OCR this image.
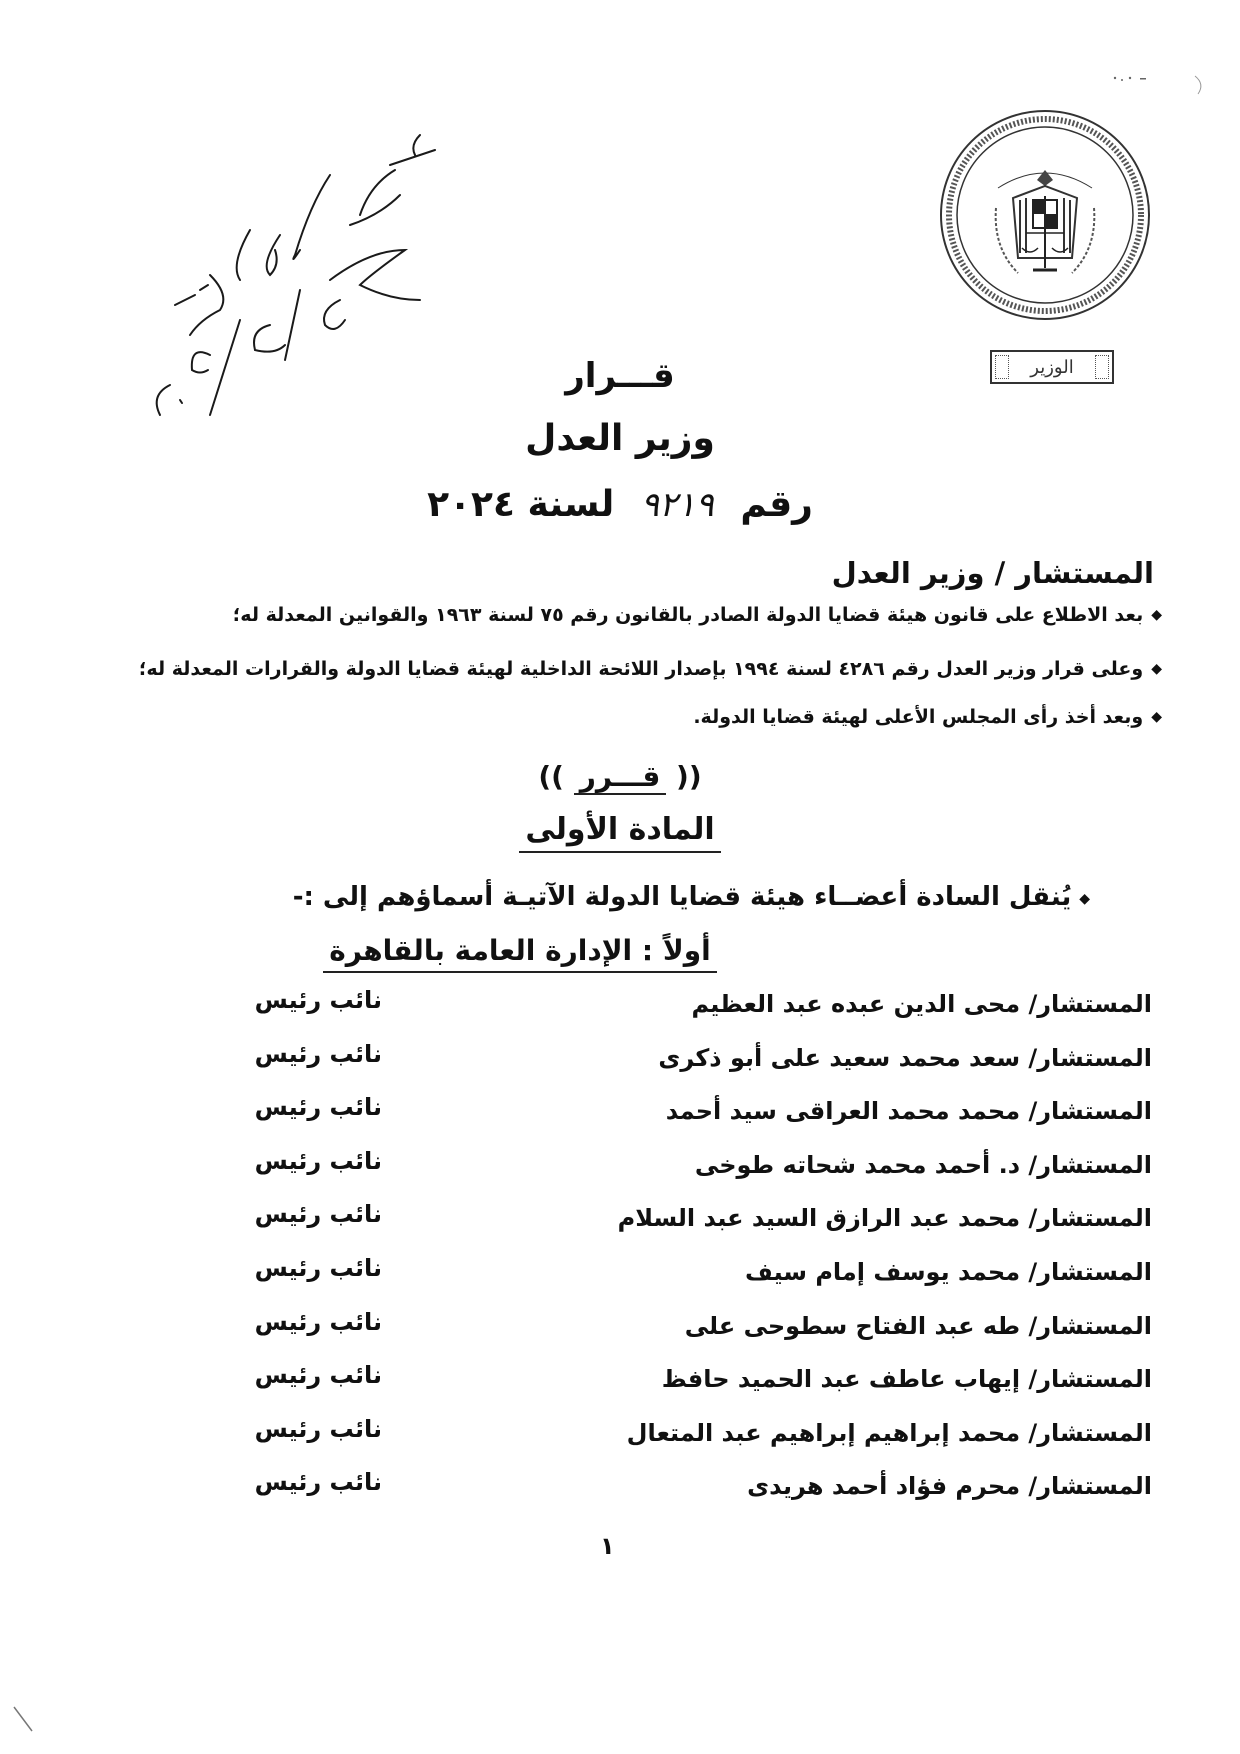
الوزير
قـــرار
وزير العدل
رقم ٩٢١٩ لسنة ٢٠٢٤
المستشار / وزير العدل
◆بعد الاطلاع على قانون هيئة قضايا الدولة الصادر بالقانون رقم ٧٥ لسنة ١٩٦٣ والقوانين المعدلة له؛
◆وعلى قرار وزير العدل رقم ٤٢٨٦ لسنة ١٩٩٤ بإصدار اللائحة الداخلية لهيئة قضايا الدولة والقرارات المعدلة له؛
◆وبعد أخذ رأى المجلس الأعلى لهيئة قضايا الدولة.
(( قـــرر ))
المادة الأولى
◆يُنقل السادة أعضــاء هيئة قضايا الدولة الآتيـة أسماؤهم إلى :-
أولاً : الإدارة العامة بالقاهرة
المستشار/ محى الدين عبده عبد العظيم
نائب رئيس
المستشار/ سعد محمد سعيد على أبو ذكرى
نائب رئيس
المستشار/ محمد محمد العراقى سيد أحمد
نائب رئيس
المستشار/ د. أحمد محمد شحاته طوخى
نائب رئيس
المستشار/ محمد عبد الرازق السيد عبد السلام
نائب رئيس
المستشار/ محمد يوسف إمام سيف
نائب رئيس
المستشار/ طه عبد الفتاح سطوحى على
نائب رئيس
المستشار/ إيهاب عاطف عبد الحميد حافظ
نائب رئيس
المستشار/ محمد إبراهيم إبراهيم عبد المتعال
نائب رئيس
المستشار/ محرم فؤاد أحمد هريدى
نائب رئيس
١
